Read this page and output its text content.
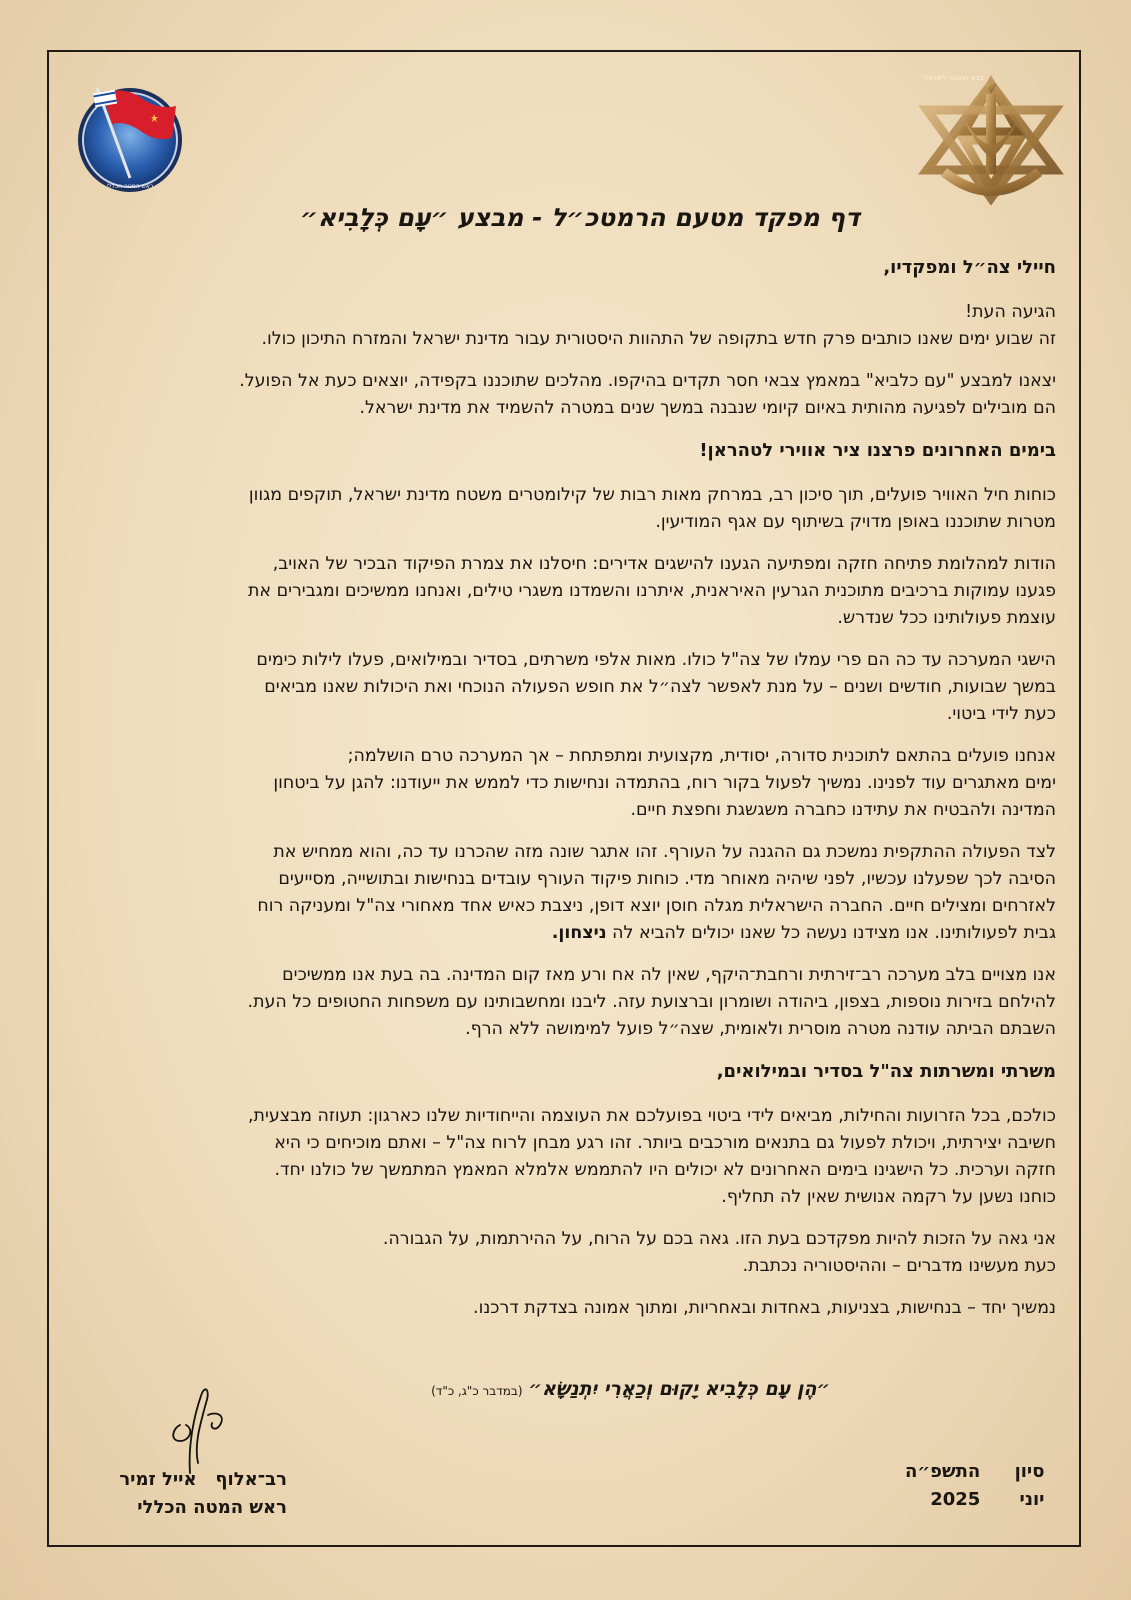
צבא ההגנה לישראל
ראש המטה הכללי
דף מפקד מטעם הרמטכ״ל - מבצע ״עָם כְּלָבִיא״

חיילי צה״ל ומפקדיו,

הגיעה העת!
זה שבוע ימים שאנו כותבים פרק חדש בתקופה של התהוות היסטורית עבור מדינת ישראל והמזרח התיכון כולו.

יצאנו למבצע "עם כלביא" במאמץ צבאי חסר תקדים בהיקפו. מהלכים שתוכננו בקפידה, יוצאים כעת אל הפועל.
הם מובילים לפגיעה מהותית באיום קיומי שנבנה במשך שנים במטרה להשמיד את מדינת ישראל.

בימים האחרונים פרצנו ציר אווירי לטהראן!

כוחות חיל האוויר פועלים, תוך סיכון רב, במרחק מאות רבות של קילומטרים משטח מדינת ישראל, תוקפים מגוון
מטרות שתוכננו באופן מדויק בשיתוף עם אגף המודיעין.

הודות למהלומת פתיחה חזקה ומפתיעה הגענו להישגים אדירים: חיסלנו את צמרת הפיקוד הבכיר של האויב,
פגענו עמוקות ברכיבים מתוכנית הגרעין האיראנית, איתרנו והשמדנו משגרי טילים, ואנחנו ממשיכים ומגבירים את
עוצמת פעולותינו ככל שנדרש.

הישגי המערכה עד כה הם פרי עמלו של צה"ל כולו. מאות אלפי משרתים, בסדיר ובמילואים, פעלו לילות כימים
במשך שבועות, חודשים ושנים – על מנת לאפשר לצה״ל את חופש הפעולה הנוכחי ואת היכולות שאנו מביאים
כעת לידי ביטוי.

אנחנו פועלים בהתאם לתוכנית סדורה, יסודית, מקצועית ומתפתחת – אך המערכה טרם הושלמה;
ימים מאתגרים עוד לפנינו. נמשיך לפעול בקור רוח, בהתמדה ונחישות כדי לממש את ייעודנו: להגן על ביטחון
המדינה ולהבטיח את עתידנו כחברה משגשגת וחפצת חיים.

לצד הפעולה ההתקפית נמשכת גם ההגנה על העורף. זהו אתגר שונה מזה שהכרנו עד כה, והוא ממחיש את
הסיבה לכך שפעלנו עכשיו, לפני שיהיה מאוחר מדי. כוחות פיקוד העורף עובדים בנחישות ובתושייה, מסייעים
לאזרחים ומצילים חיים. החברה הישראלית מגלה חוסן יוצא דופן, ניצבת כאיש אחד מאחורי צה"ל ומעניקה רוח
גבית לפעולותינו. אנו מצידנו נעשה כל שאנו יכולים להביא לה ניצחון.

אנו מצויים בלב מערכה רב־זירתית ורחבת־היקף, שאין לה אח ורע מאז קום המדינה. בה בעת אנו ממשיכים
להילחם בזירות נוספות, בצפון, ביהודה ושומרון וברצועת עזה. ליבנו ומחשבותינו עם משפחות החטופים כל העת.
השבתם הביתה עודנה מטרה מוסרית ולאומית, שצה״ל פועל למימושה ללא הרף.

משרתי ומשרתות צה"ל בסדיר ובמילואים,

כולכם, בכל הזרועות והחילות, מביאים לידי ביטוי בפועלכם את העוצמה והייחודיות שלנו כארגון: תעוזה מבצעית,
חשיבה יצירתית, ויכולת לפעול גם בתנאים מורכבים ביותר. זהו רגע מבחן לרוח צה"ל – ואתם מוכיחים כי היא
חזקה וערכית. כל הישגינו בימים האחרונים לא יכולים היו להתממש אלמלא המאמץ המתמשך של כולנו יחד.
כוחנו נשען על רקמה אנושית שאין לה תחליף.

אני גאה על הזכות להיות מפקדכם בעת הזו. גאה בכם על הרוח, על ההירתמות, על הגבורה.
כעת מעשינו מדברים – וההיסטוריה נכתבת.

נמשיך יחד – בנחישות, בצניעות, באחדות ובאחריות, ומתוך אמונה בצדקת דרכנו.

״הֶן עָם כְּלָבִיא יָקוּם וְכַאֲרִי יִתְנַשָּׂא״(במדבר כ"ג, כ"ד)
סיון
יוני

התשפ״ה
2025
רב־אלוף   אייל זמיר
ראש המטה הכללי
